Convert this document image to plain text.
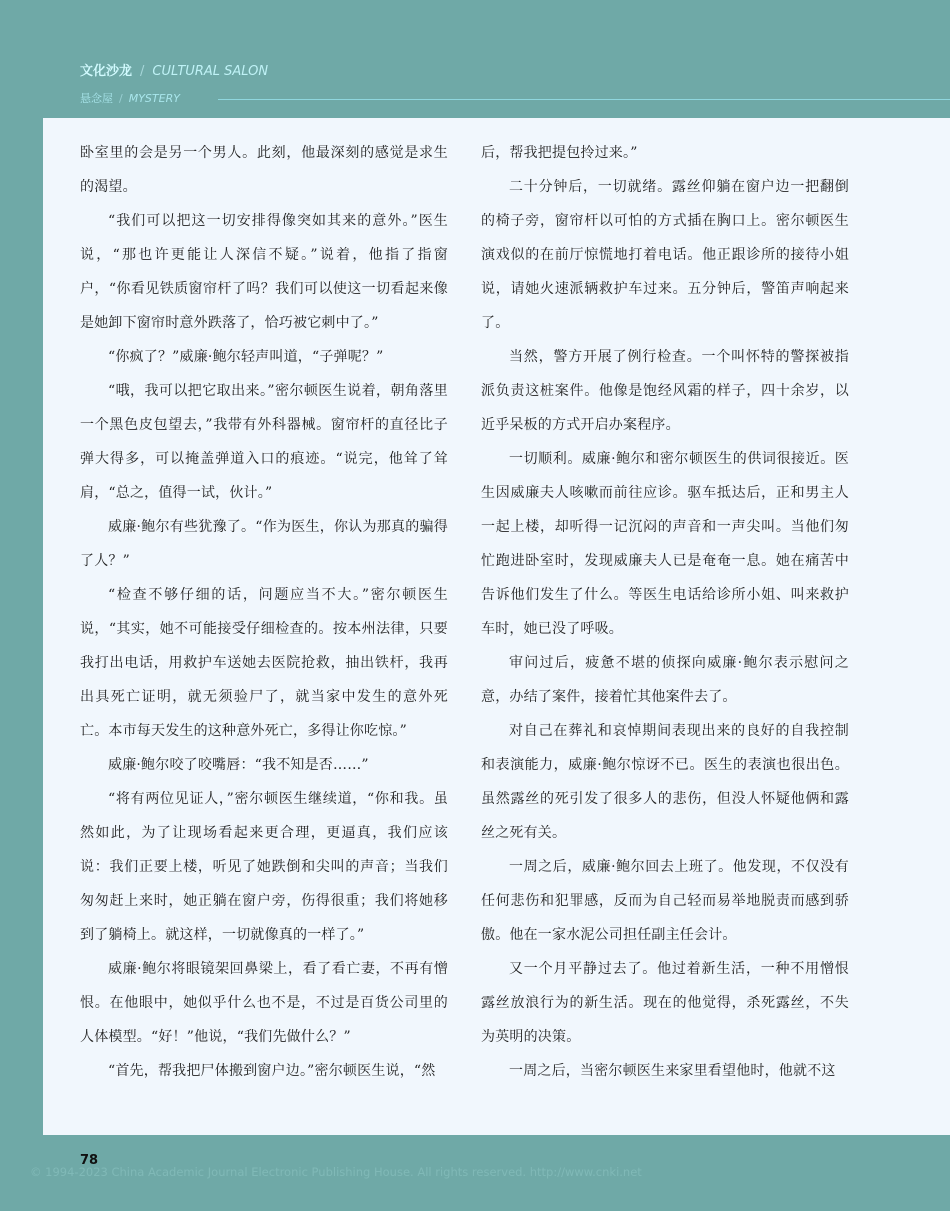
文化沙龙 / CULTURAL SALON
悬念屋 / MYSTERY

卧室里的会是另一个男人。此刻，他最深刻的感觉是求生的渴望。

“我们可以把这一切安排得像突如其来的意外。”医生说，“那也许更能让人深信不疑。”说着，他指了指窗户，“你看见铁质窗帘杆了吗？我们可以使这一切看起来像是她卸下窗帘时意外跌落了，恰巧被它刺中了。”

“你疯了？”威廉·鲍尔轻声叫道，“子弹呢？”

“哦，我可以把它取出来。”密尔顿医生说着，朝角落里一个黑色皮包望去，”我带有外科器械。窗帘杆的直径比子弹大得多，可以掩盖弹道入口的痕迹。“说完，他耸了耸肩，“总之，值得一试，伙计。”

威廉·鲍尔有些犹豫了。“作为医生，你认为那真的骗得了人？”

“检查不够仔细的话，问题应当不大。”密尔顿医生说，“其实，她不可能接受仔细检查的。按本州法律，只要我打出电话，用救护车送她去医院抢救，抽出铁杆，我再出具死亡证明，就无须验尸了，就当家中发生的意外死亡。本市每天发生的这种意外死亡，多得让你吃惊。”

威廉·鲍尔咬了咬嘴唇：“我不知是否……”

“将有两位见证人，”密尔顿医生继续道，“你和我。虽然如此，为了让现场看起来更合理，更逼真，我们应该说：我们正要上楼，听见了她跌倒和尖叫的声音；当我们匆匆赶上来时，她正躺在窗户旁，伤得很重；我们将她移到了躺椅上。就这样，一切就像真的一样了。”

威廉·鲍尔将眼镜架回鼻梁上，看了看亡妻，不再有憎恨。在他眼中，她似乎什么也不是，不过是百货公司里的人体模型。“好！”他说，“我们先做什么？”

“首先，帮我把尸体搬到窗户边。”密尔顿医生说，“然

后，帮我把提包拎过来。”

二十分钟后，一切就绪。露丝仰躺在窗户边一把翻倒的椅子旁，窗帘杆以可怕的方式插在胸口上。密尔顿医生演戏似的在前厅惊慌地打着电话。他正跟诊所的接待小姐说，请她火速派辆救护车过来。五分钟后，警笛声响起来了。

当然，警方开展了例行检查。一个叫怀特的警探被指派负责这桩案件。他像是饱经风霜的样子，四十余岁，以近乎呆板的方式开启办案程序。

一切顺利。威廉·鲍尔和密尔顿医生的供词很接近。医生因威廉夫人咳嗽而前往应诊。驱车抵达后，正和男主人一起上楼，却听得一记沉闷的声音和一声尖叫。当他们匆忙跑进卧室时，发现威廉夫人已是奄奄一息。她在痛苦中告诉他们发生了什么。等医生电话给诊所小姐、叫来救护车时，她已没了呼吸。

审问过后，疲惫不堪的侦探向威廉·鲍尔表示慰问之意，办结了案件，接着忙其他案件去了。

对自己在葬礼和哀悼期间表现出来的良好的自我控制和表演能力，威廉·鲍尔惊讶不已。医生的表演也很出色。虽然露丝的死引发了很多人的悲伤，但没人怀疑他俩和露丝之死有关。

一周之后，威廉·鲍尔回去上班了。他发现，不仅没有任何悲伤和犯罪感，反而为自己轻而易举地脱责而感到骄傲。他在一家水泥公司担任副主任会计。

又一个月平静过去了。他过着新生活，一种不用憎恨露丝放浪行为的新生活。现在的他觉得，杀死露丝，不失为英明的决策。

一周之后，当密尔顿医生来家里看望他时，他就不这

78
© 1994-2023 China Academic Journal Electronic Publishing House. All rights reserved. http://www.cnki.net
